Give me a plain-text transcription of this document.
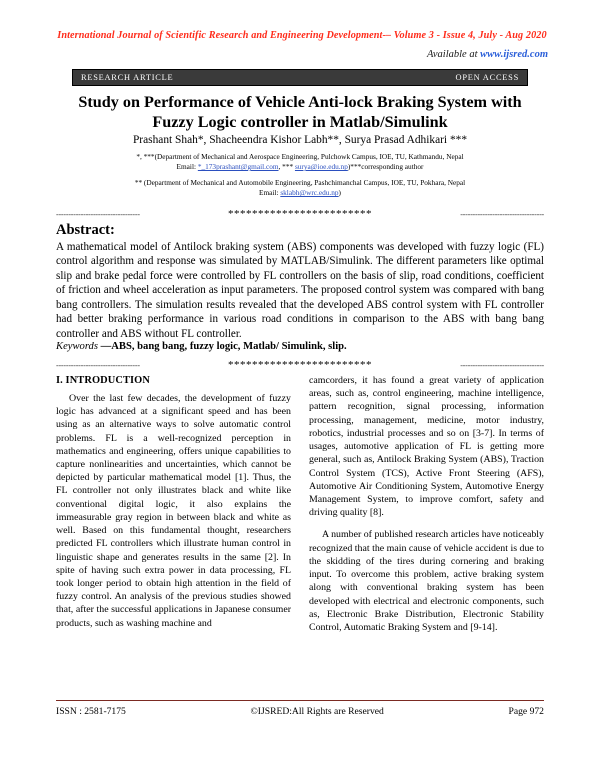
International Journal of Scientific Research and Engineering Development-– Volume 3 - Issue 4, July - Aug 2020
Available at www.ijsred.com
RESEARCH ARTICLE	OPEN ACCESS
Study on Performance of Vehicle Anti-lock Braking System with Fuzzy Logic controller in Matlab/Simulink
Prashant Shah*, Shacheendra Kishor Labh**, Surya Prasad Adhikari ***
*, ***(Department of Mechanical and Aerospace Engineering, Pulchowk Campus, IOE, TU, Kathmandu, Nepal
Email: *_173prashant@gmail.com, *** surya@ioe.edu.np)***corresponding author
** (Department of Mechanical and Automobile Engineering, Pashchimanchal Campus, IOE, TU, Pokhara, Nepal
Email: sklabh@wrc.edu.np)
----------------------------------	************************	----------------------------------
Abstract:
A mathematical model of Antilock braking system (ABS) components was developed with fuzzy logic (FL) control algorithm and response was simulated by MATLAB/Simulink. The different parameters like optimal slip and brake pedal force were controlled by FL controllers on the basis of slip, road conditions, coefficient of friction and wheel acceleration as input parameters. The proposed control system was compared with bang bang controllers. The simulation results revealed that the developed ABS control system with FL controller had better braking performance in various road conditions in comparison to the ABS with bang bang controller and ABS without FL controller.
Keywords —ABS, bang bang, fuzzy logic, Matlab/ Simulink, slip.
----------------------------------	************************	----------------------------------
I. INTRODUCTION

Over the last few decades, the development of fuzzy logic has advanced at a significant speed and has been using as an alternative ways to solve automatic control problems. FL is a well-recognized perception in mathematics and engineering, offers unique capabilities to capture nonlinearities and uncertainties, which cannot be depicted by particular mathematical model [1]. Thus, the FL controller not only illustrates black and white like conventional digital logic, it also explains the immeasurable gray region in between black and white as well. Based on this fundamental thought, researchers predicted FL controllers which illustrate human control in linguistic shape and generates results in the same [2]. In spite of having such extra power in data processing, FL took longer period to obtain high attention in the field of fuzzy control. An analysis of the previous studies showed that, after the successful applications in Japanese consumer products, such as washing machine and

camcorders, it has found a great variety of application areas, such as, control engineering, machine intelligence, pattern recognition, signal processing, information processing, management, medicine, motor industry, robotics, industrial processes and so on [3-7]. In terms of usages, automotive application of FL is getting more general, such as, Antilock Braking System (ABS), Traction Control System (TCS), Active Front Steering (AFS), Automotive Air Conditioning System, Automotive Energy Management System, to improve comfort, safety and driving quality [8].

A number of published research articles have noticeably recognized that the main cause of vehicle accident is due to the skidding of the tires during cornering and braking input. To overcome this problem, active braking system along with conventional braking system has been developed with electrical and electronic components, such as, Electronic Brake Distribution, Electronic Stability Control, Automatic Braking System and [9-14].

ISSN : 2581-7175	©IJSRED:All Rights are Reserved	Page 972
